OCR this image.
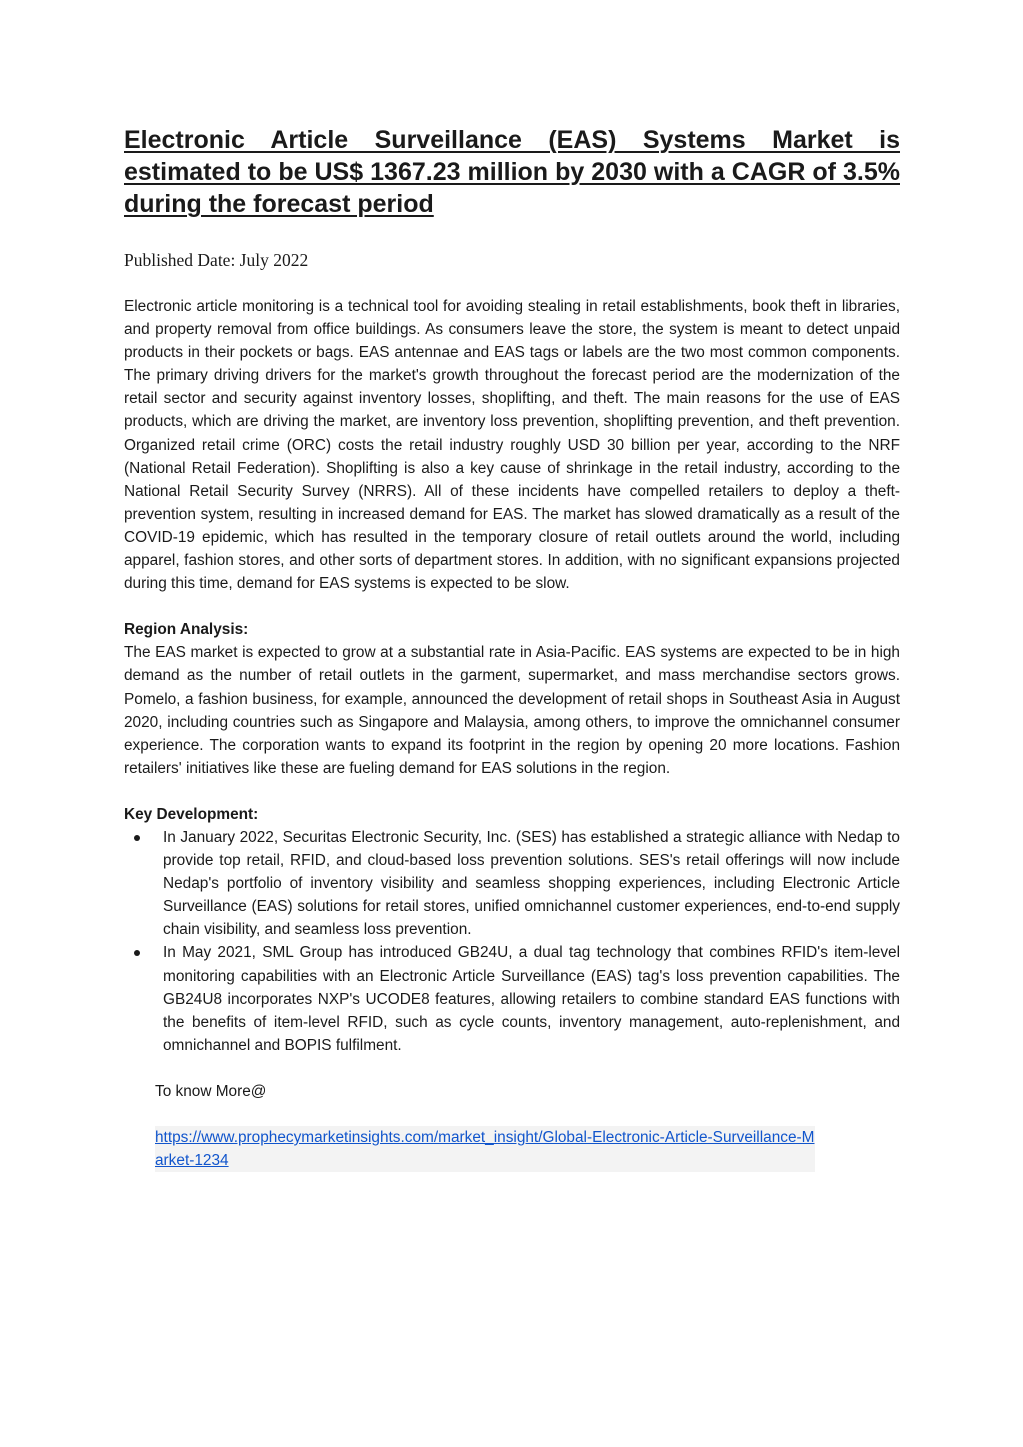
Electronic Article Surveillance (EAS) Systems Market is estimated to be US$ 1367.23 million by 2030 with a CAGR of 3.5% during the forecast period

Published Date: July 2022

Electronic article monitoring is a technical tool for avoiding stealing in retail establishments, book theft in libraries, and property removal from office buildings. As consumers leave the store, the system is meant to detect unpaid products in their pockets or bags. EAS antennae and EAS tags or labels are the two most common components. The primary driving drivers for the market's growth throughout the forecast period are the modernization of the retail sector and security against inventory losses, shoplifting, and theft. The main reasons for the use of EAS products, which are driving the market, are inventory loss prevention, shoplifting prevention, and theft prevention. Organized retail crime (ORC) costs the retail industry roughly USD 30 billion per year, according to the NRF (National Retail Federation). Shoplifting is also a key cause of shrinkage in the retail industry, according to the National Retail Security Survey (NRRS). All of these incidents have compelled retailers to deploy a theft-prevention system, resulting in increased demand for EAS. The market has slowed dramatically as a result of the COVID-19 epidemic, which has resulted in the temporary closure of retail outlets around the world, including apparel, fashion stores, and other sorts of department stores. In addition, with no significant expansions projected during this time, demand for EAS systems is expected to be slow.

Region Analysis:

The EAS market is expected to grow at a substantial rate in Asia-Pacific. EAS systems are expected to be in high demand as the number of retail outlets in the garment, supermarket, and mass merchandise sectors grows. Pomelo, a fashion business, for example, announced the development of retail shops in Southeast Asia in August 2020, including countries such as Singapore and Malaysia, among others, to improve the omnichannel consumer experience. The corporation wants to expand its footprint in the region by opening 20 more locations. Fashion retailers' initiatives like these are fueling demand for EAS solutions in the region.

Key Development:
In January 2022, Securitas Electronic Security, Inc. (SES) has established a strategic alliance with Nedap to provide top retail, RFID, and cloud-based loss prevention solutions. SES's retail offerings will now include Nedap's portfolio of inventory visibility and seamless shopping experiences, including Electronic Article Surveillance (EAS) solutions for retail stores, unified omnichannel customer experiences, end-to-end supply chain visibility, and seamless loss prevention.
In May 2021, SML Group has introduced GB24U, a dual tag technology that combines RFID's item-level monitoring capabilities with an Electronic Article Surveillance (EAS) tag's loss prevention capabilities. The GB24U8 incorporates NXP's UCODE8 features, allowing retailers to combine standard EAS functions with the benefits of item-level RFID, such as cycle counts, inventory management, auto-replenishment, and omnichannel and BOPIS fulfilment.
To know More@
https://www.prophecymarketinsights.com/market_insight/Global-Electronic-Article-Surveillance-Market-1234
